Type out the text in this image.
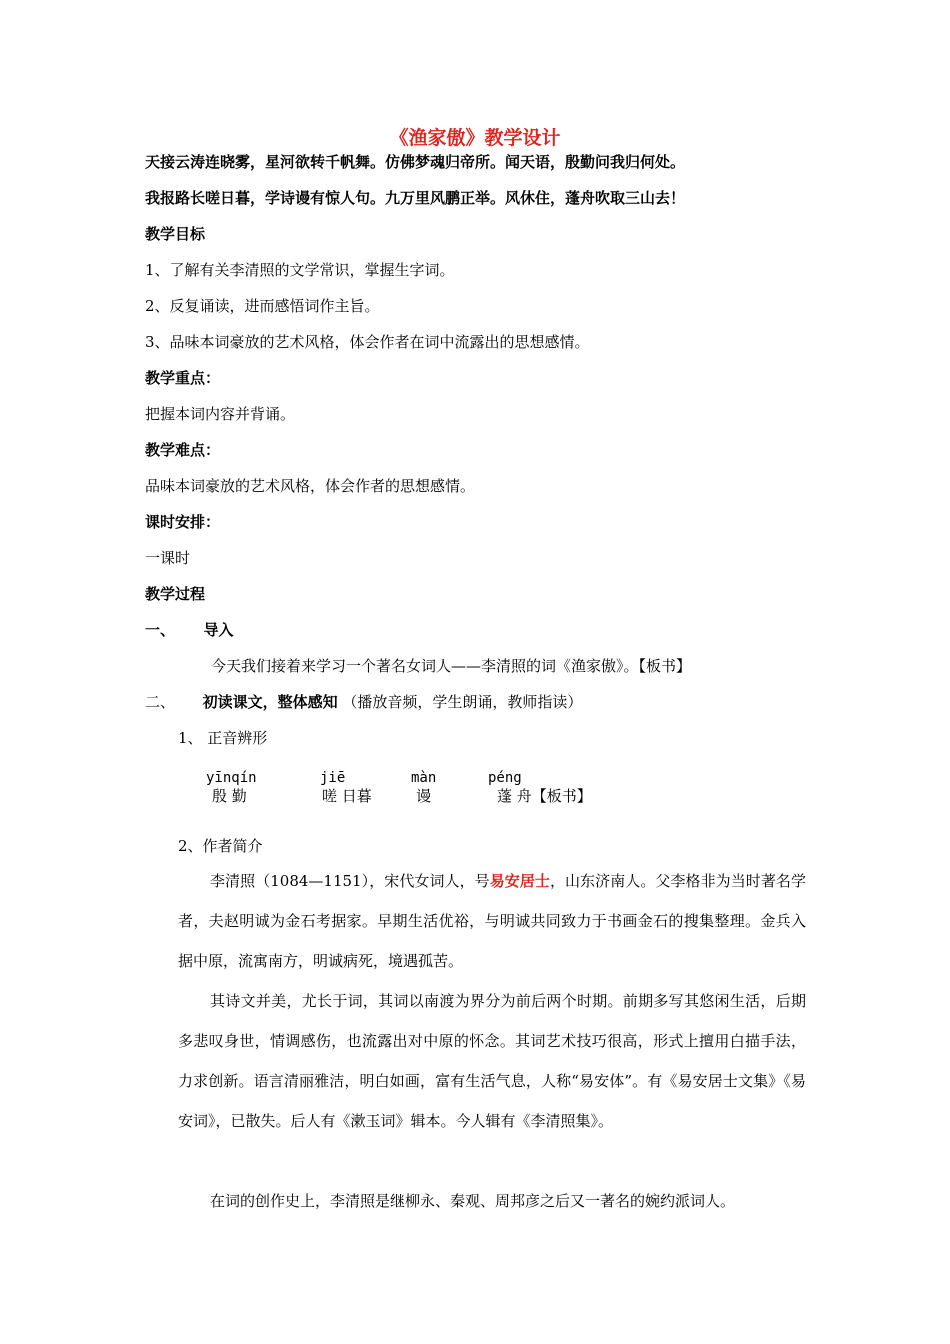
《渔家傲》教学设计
天接云涛连晓雾，星河欲转千帆舞。仿佛梦魂归帝所。闻天语，殷勤问我归何处。
我报路长嗟日暮，学诗谩有惊人句。九万里风鹏正举。风休住，蓬舟吹取三山去！
教学目标
1、了解有关李清照的文学常识，掌握生字词。
2、反复诵读，进而感悟词作主旨。
3、品味本词豪放的艺术风格，体会作者在词中流露出的思想感情。
教学重点：
把握本词内容并背诵。
教学难点：
品味本词豪放的艺术风格，体会作者的思想感情。
课时安排：
一课时
教学过程
一、 导入
今天我们接着来学习一个著名女词人——李清照的词《渔家傲》。【板书】
二、 初读课文，整体感知 （播放音频，学生朗诵，教师指读）
1、 正音辨形
yīnqín
殷 勤
jiē
嗟 日暮
màn
谩
péng
蓬 舟【板书】
2、作者简介
李清照（1084—1151），宋代女词人，号易安居士，山东济南人。父李格非为当时著名学者，夫赵明诚为金石考据家。早期生活优裕，与明诚共同致力于书画金石的搜集整理。金兵入据中原，流寓南方，明诚病死，境遇孤苦。
其诗文并美，尤长于词，其词以南渡为界分为前后两个时期。前期多写其悠闲生活，后期多悲叹身世，情调感伤，也流露出对中原的怀念。其词艺术技巧很高，形式上擅用白描手法，力求创新。语言清丽雅洁，明白如画，富有生活气息，人称“易安体”。有《易安居士文集》《易安词》，已散失。后人有《漱玉词》辑本。今人辑有《李清照集》。
在词的创作史上，李清照是继柳永、秦观、周邦彦之后又一著名的婉约派词人。
